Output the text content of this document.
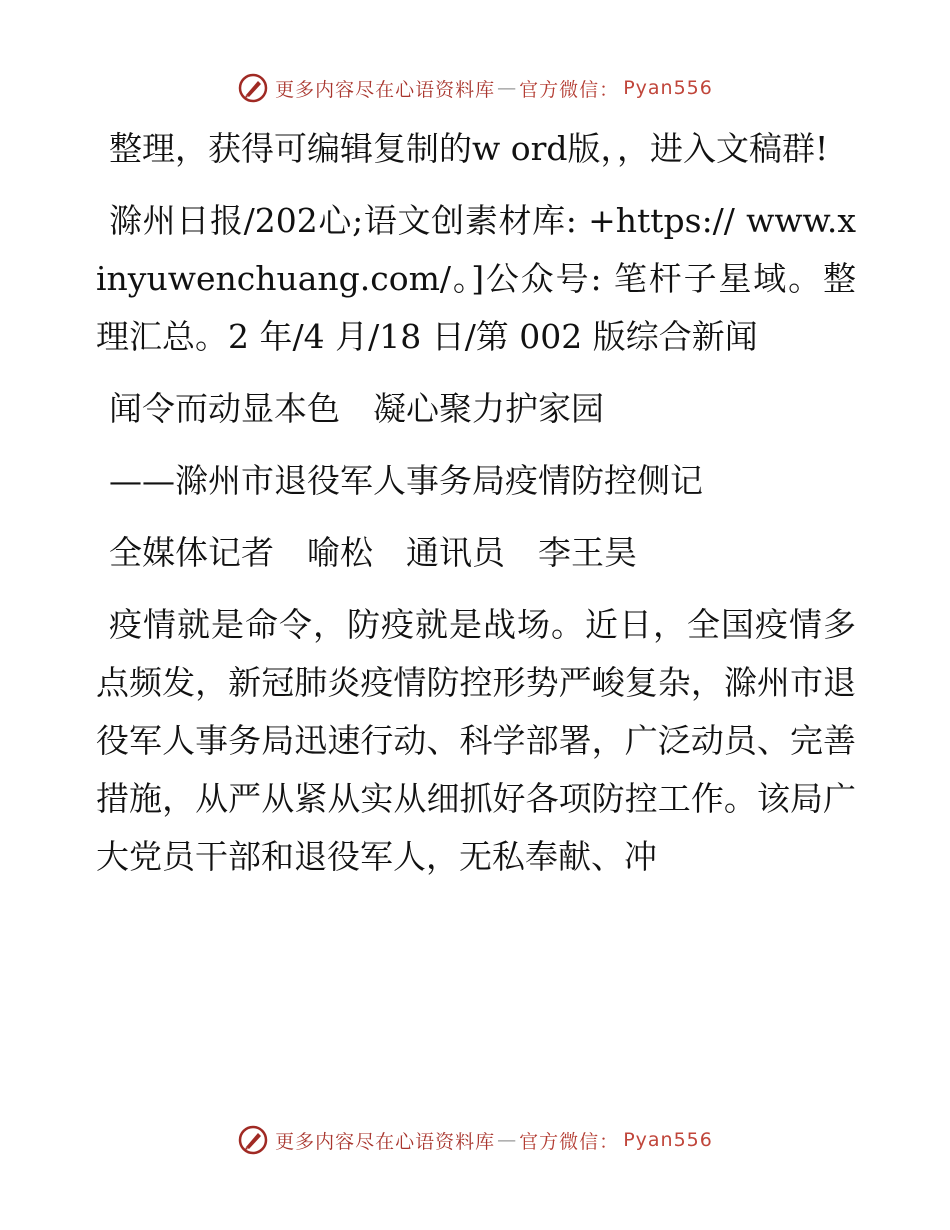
更多内容尽在心语资料库 — 官方微信： Pyan556

整理，获得可编辑复制的w ord版，，进入文稿群!

滁州日报/202心;语文创素材库: +https:// www.xinyuwenchuang.com/。]公众号: 笔杆子星域。整理汇总。2 年/4 月/18 日/第 002 版综合新闻

闻令而动显本色　凝心聚力护家园

——滁州市退役军人事务局疫情防控侧记

全媒体记者　喻松　通讯员　李王昊

疫情就是命令，防疫就是战场。近日，全国疫情多点频发，新冠肺炎疫情防控形势严峻复杂，滁州市退役军人事务局迅速行动、科学部署，广泛动员、完善措施，从严从紧从实从细抓好各项防控工作。该局广大党员干部和退役军人，无私奉献、冲

更多内容尽在心语资料库 — 官方微信： Pyan556
